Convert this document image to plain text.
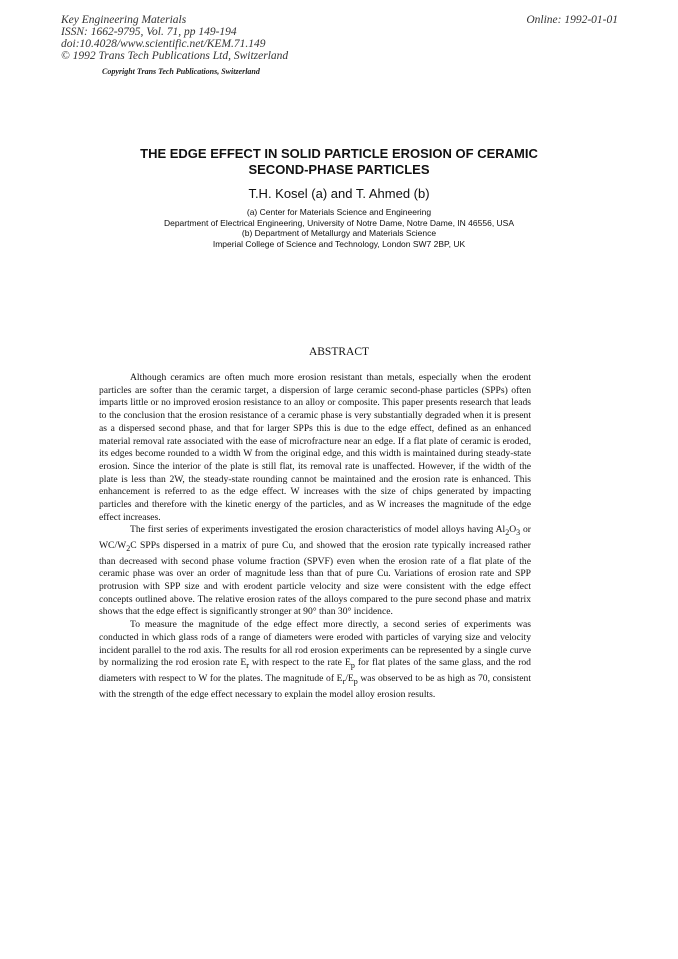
Key Engineering Materials
ISSN: 1662-9795, Vol. 71, pp 149-194
doi:10.4028/www.scientific.net/KEM.71.149
© 1992 Trans Tech Publications Ltd, Switzerland
Online: 1992-01-01
Copyright Trans Tech Publications, Switzerland
THE EDGE EFFECT IN SOLID PARTICLE EROSION OF CERAMIC
SECOND-PHASE PARTICLES
T.H. Kosel (a) and T. Ahmed (b)
(a) Center for Materials Science and Engineering
Department of Electrical Engineering, University of Notre Dame, Notre Dame, IN 46556, USA
(b) Department of Metallurgy and Materials Science
Imperial College of Science and Technology, London SW7 2BP, UK
ABSTRACT

Although ceramics are often much more erosion resistant than metals, especially when the erodent particles are softer than the ceramic target, a dispersion of large ceramic second-phase particles (SPPs) often imparts little or no improved erosion resistance to an alloy or composite. This paper presents research that leads to the conclusion that the erosion resistance of a ceramic phase is very substantially degraded when it is present as a dispersed second phase, and that for larger SPPs this is due to the edge effect, defined as an enhanced material removal rate associated with the ease of microfracture near an edge. If a flat plate of ceramic is eroded, its edges become rounded to a width W from the original edge, and this width is maintained during steady-state erosion. Since the interior of the plate is still flat, its removal rate is unaffected. However, if the width of the plate is less than 2W, the steady-state rounding cannot be maintained and the erosion rate is enhanced. This enhancement is referred to as the edge effect. W increases with the size of chips generated by impacting particles and therefore with the kinetic energy of the particles, and as W increases the magnitude of the edge effect increases.

The first series of experiments investigated the erosion characteristics of model alloys having $Al_2O_3$ or $WC/W_2C$ SPPs dispersed in a matrix of pure Cu, and showed that the erosion rate typically increased rather than decreased with second phase volume fraction (SPVF) even when the erosion rate of a flat plate of the ceramic phase was over an order of magnitude less than that of pure Cu. Variations of erosion rate and SPP protrusion with SPP size and with erodent particle velocity and size were consistent with the edge effect concepts outlined above. The relative erosion rates of the alloys compared to the pure second phase and matrix shows that the edge effect is significantly stronger at 90° than 30° incidence.

To measure the magnitude of the edge effect more directly, a second series of experiments was conducted in which glass rods of a range of diameters were eroded with particles of varying size and velocity incident parallel to the rod axis. The results for all rod erosion experiments can be represented by a single curve by normalizing the rod erosion rate $E_r$ with respect to the rate $E_p$ for flat plates of the same glass, and the rod diameters with respect to W for the plates. The magnitude of $E_r/E_p$ was observed to be as high as 70, consistent with the strength of the edge effect necessary to explain the model alloy erosion results.
